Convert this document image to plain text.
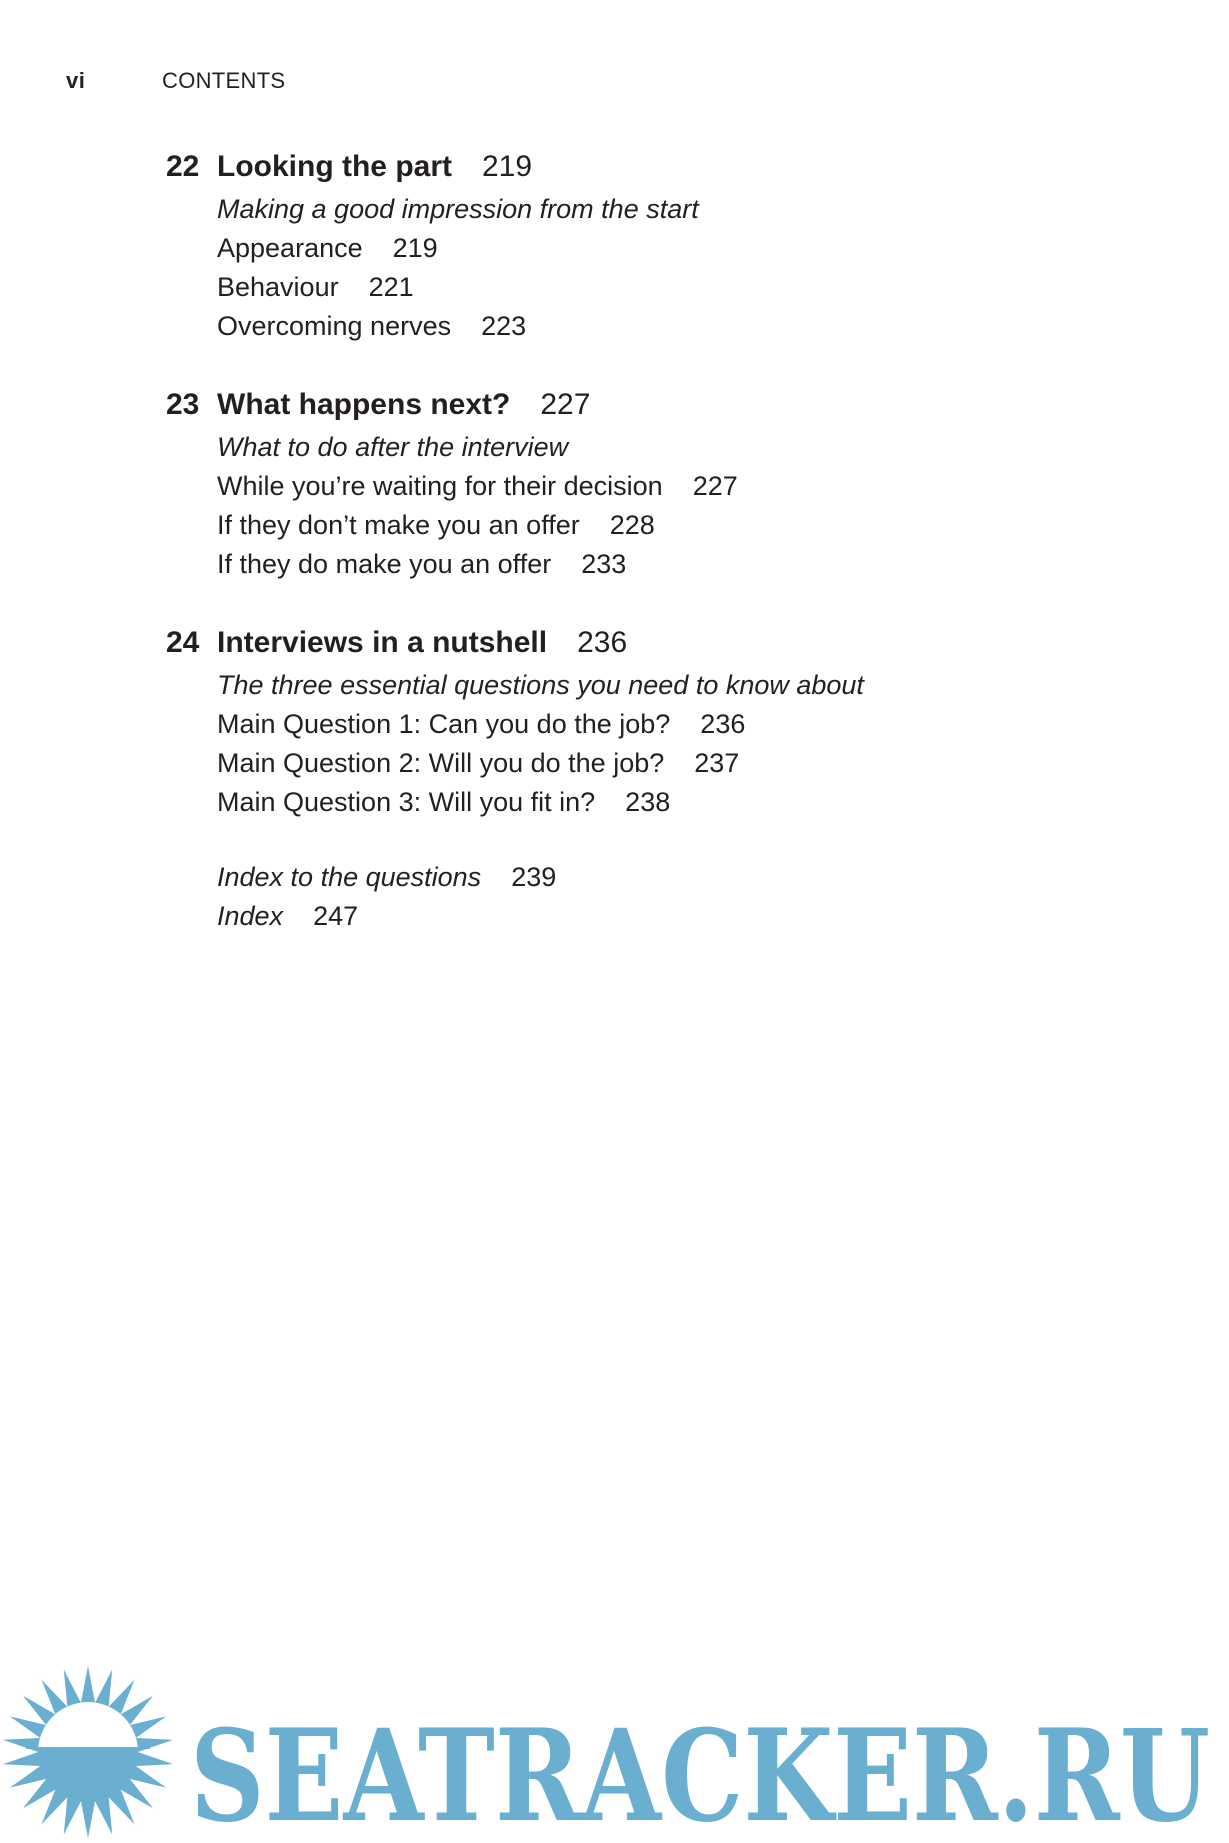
vi	CONTENTS
22 Looking the part 219
Making a good impression from the start
Appearance 219
Behaviour 221
Overcoming nerves 223
23 What happens next? 227
What to do after the interview
While you’re waiting for their decision 227
If they don’t make you an offer 228
If they do make you an offer 233
24 Interviews in a nutshell 236
The three essential questions you need to know about
Main Question 1: Can you do the job? 236
Main Question 2: Will you do the job? 237
Main Question 3: Will you fit in? 238
Index to the questions 239
Index 247
SEATRACKER.RU
